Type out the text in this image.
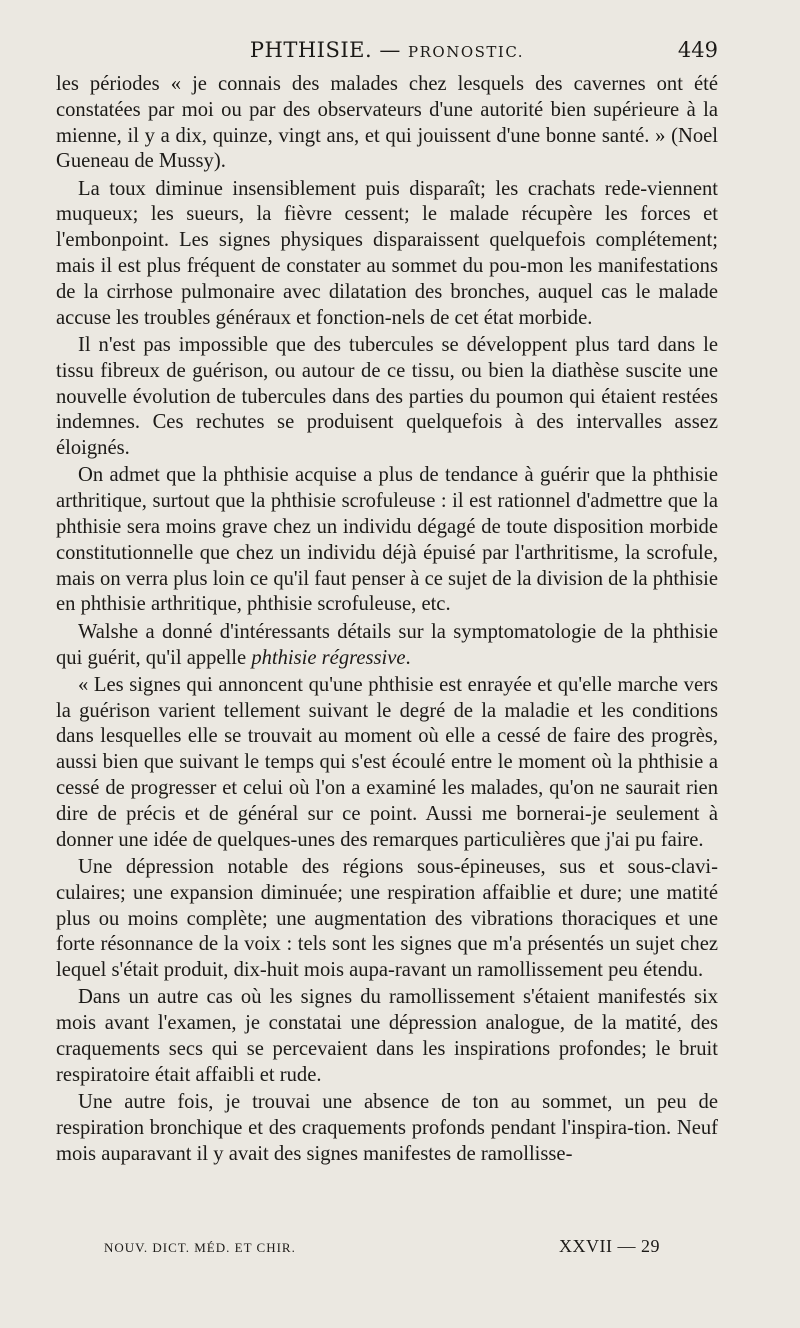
PHTHISIE. — PRONOSTIC.	449

les périodes « je connais des malades chez lesquels des cavernes ont été constatées par moi ou par des observateurs d'une autorité bien supérieure à la mienne, il y a dix, quinze, vingt ans, et qui jouissent d'une bonne santé. » (Noel Gueneau de Mussy).

La toux diminue insensiblement puis disparaît; les crachats rede-viennent muqueux; les sueurs, la fièvre cessent; le malade récupère les forces et l'embonpoint. Les signes physiques disparaissent quelquefois complétement; mais il est plus fréquent de constater au sommet du pou-mon les manifestations de la cirrhose pulmonaire avec dilatation des bronches, auquel cas le malade accuse les troubles généraux et fonction-nels de cet état morbide.

Il n'est pas impossible que des tubercules se développent plus tard dans le tissu fibreux de guérison, ou autour de ce tissu, ou bien la diathèse suscite une nouvelle évolution de tubercules dans des parties du poumon qui étaient restées indemnes. Ces rechutes se produisent quelquefois à des intervalles assez éloignés.

On admet que la phthisie acquise a plus de tendance à guérir que la phthisie arthritique, surtout que la phthisie scrofuleuse : il est rationnel d'admettre que la phthisie sera moins grave chez un individu dégagé de toute disposition morbide constitutionnelle que chez un individu déjà épuisé par l'arthritisme, la scrofule, mais on verra plus loin ce qu'il faut penser à ce sujet de la division de la phthisie en phthisie arthritique, phthisie scrofuleuse, etc.

Walshe a donné d'intéressants détails sur la symptomatologie de la phthisie qui guérit, qu'il appelle phthisie régressive.

« Les signes qui annoncent qu'une phthisie est enrayée et qu'elle marche vers la guérison varient tellement suivant le degré de la maladie et les conditions dans lesquelles elle se trouvait au moment où elle a cessé de faire des progrès, aussi bien que suivant le temps qui s'est écoulé entre le moment où la phthisie a cessé de progresser et celui où l'on a examiné les malades, qu'on ne saurait rien dire de précis et de général sur ce point. Aussi me bornerai-je seulement à donner une idée de quelques-unes des remarques particulières que j'ai pu faire.

Une dépression notable des régions sous-épineuses, sus et sous-clavi-culaires; une expansion diminuée; une respiration affaiblie et dure; une matité plus ou moins complète; une augmentation des vibrations thoraciques et une forte résonnance de la voix : tels sont les signes que m'a présentés un sujet chez lequel s'était produit, dix-huit mois aupa-ravant un ramollissement peu étendu.

Dans un autre cas où les signes du ramollissement s'étaient manifestés six mois avant l'examen, je constatai une dépression analogue, de la matité, des craquements secs qui se percevaient dans les inspirations profondes; le bruit respiratoire était affaibli et rude.

Une autre fois, je trouvai une absence de ton au sommet, un peu de respiration bronchique et des craquements profonds pendant l'inspira-tion. Neuf mois auparavant il y avait des signes manifestes de ramollisse-

NOUV. DICT. MÉD. ET CHIR.	XXVII — 29
